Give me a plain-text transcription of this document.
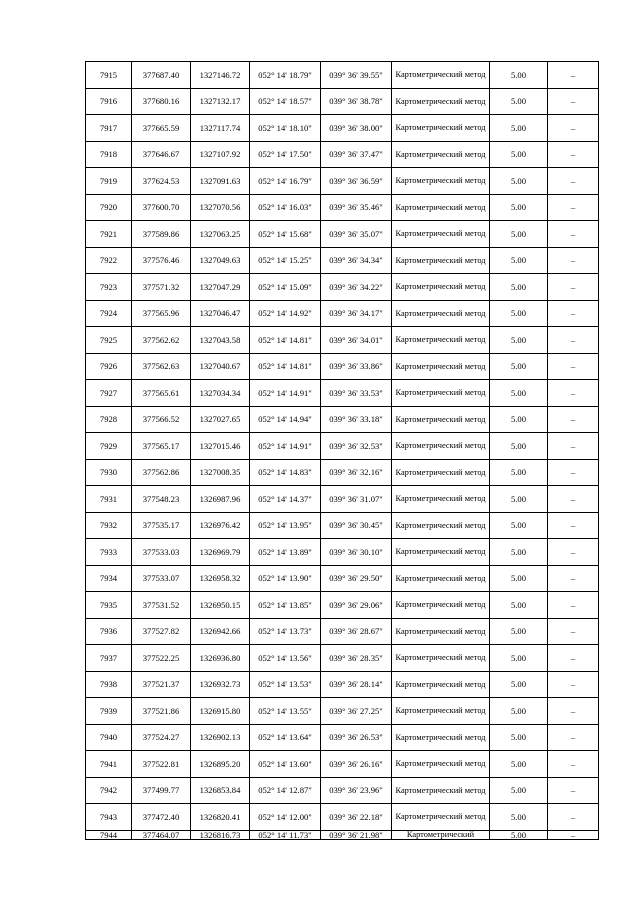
7915	377687.40	1327146.72	052° 14' 18.79"	039° 36' 39.55"	Картометрический метод	5.00	–
7916	377680.16	1327132.17	052° 14' 18.57"	039° 36' 38.78"	Картометрический метод	5.00	–
7917	377665.59	1327117.74	052° 14' 18.10"	039° 36' 38.00"	Картометрический метод	5.00	–
7918	377646.67	1327107.92	052° 14' 17.50"	039° 36' 37.47"	Картометрический метод	5.00	–
7919	377624.53	1327091.63	052° 14' 16.79"	039° 36' 36.59"	Картометрический метод	5.00	–
7920	377600.70	1327070.56	052° 14' 16.03"	039° 36' 35.46"	Картометрический метод	5.00	–
7921	377589.86	1327063.25	052° 14' 15.68"	039° 36' 35.07"	Картометрический метод	5.00	–
7922	377576.46	1327049.63	052° 14' 15.25"	039° 36' 34.34"	Картометрический метод	5.00	–
7923	377571.32	1327047.29	052° 14' 15.09"	039° 36' 34.22"	Картометрический метод	5.00	–
7924	377565.96	1327046.47	052° 14' 14.92"	039° 36' 34.17"	Картометрический метод	5.00	–
7925	377562.62	1327043.58	052° 14' 14.81"	039° 36' 34.01"	Картометрический метод	5.00	–
7926	377562.63	1327040.67	052° 14' 14.81"	039° 36' 33.86"	Картометрический метод	5.00	–
7927	377565.61	1327034.34	052° 14' 14.91"	039° 36' 33.53"	Картометрический метод	5.00	–
7928	377566.52	1327027.65	052° 14' 14.94"	039° 36' 33.18"	Картометрический метод	5.00	–
7929	377565.17	1327015.46	052° 14' 14.91"	039° 36' 32.53"	Картометрический метод	5.00	–
7930	377562.86	1327008.35	052° 14' 14.83"	039° 36' 32.16"	Картометрический метод	5.00	–
7931	377548.23	1326987.96	052° 14' 14.37"	039° 36' 31.07"	Картометрический метод	5.00	–
7932	377535.17	1326976.42	052° 14' 13.95"	039° 36' 30.45"	Картометрический метод	5.00	–
7933	377533.03	1326969.79	052° 14' 13.89"	039° 36' 30.10"	Картометрический метод	5.00	–
7934	377533.07	1326958.32	052° 14' 13.90"	039° 36' 29.50"	Картометрический метод	5.00	–
7935	377531.52	1326950.15	052° 14' 13.85"	039° 36' 29.06"	Картометрический метод	5.00	–
7936	377527.82	1326942.66	052° 14' 13.73"	039° 36' 28.67"	Картометрический метод	5.00	–
7937	377522.25	1326936.80	052° 14' 13.56"	039° 36' 28.35"	Картометрический метод	5.00	–
7938	377521.37	1326932.73	052° 14' 13.53"	039° 36' 28.14"	Картометрический метод	5.00	–
7939	377521.86	1326915.80	052° 14' 13.55"	039° 36' 27.25"	Картометрический метод	5.00	–
7940	377524.27	1326902.13	052° 14' 13.64"	039° 36' 26.53"	Картометрический метод	5.00	–
7941	377522.81	1326895.20	052° 14' 13.60"	039° 36' 26.16"	Картометрический метод	5.00	–
7942	377499.77	1326853.84	052° 14' 12.87"	039° 36' 23.96"	Картометрический метод	5.00	–
7943	377472.40	1326820.41	052° 14' 12.00"	039° 36' 22.18"	Картометрический метод	5.00	–
7944	377464.07	1326816.73	052° 14' 11.73"	039° 36' 21.98"	Картометрический	5.00	–
